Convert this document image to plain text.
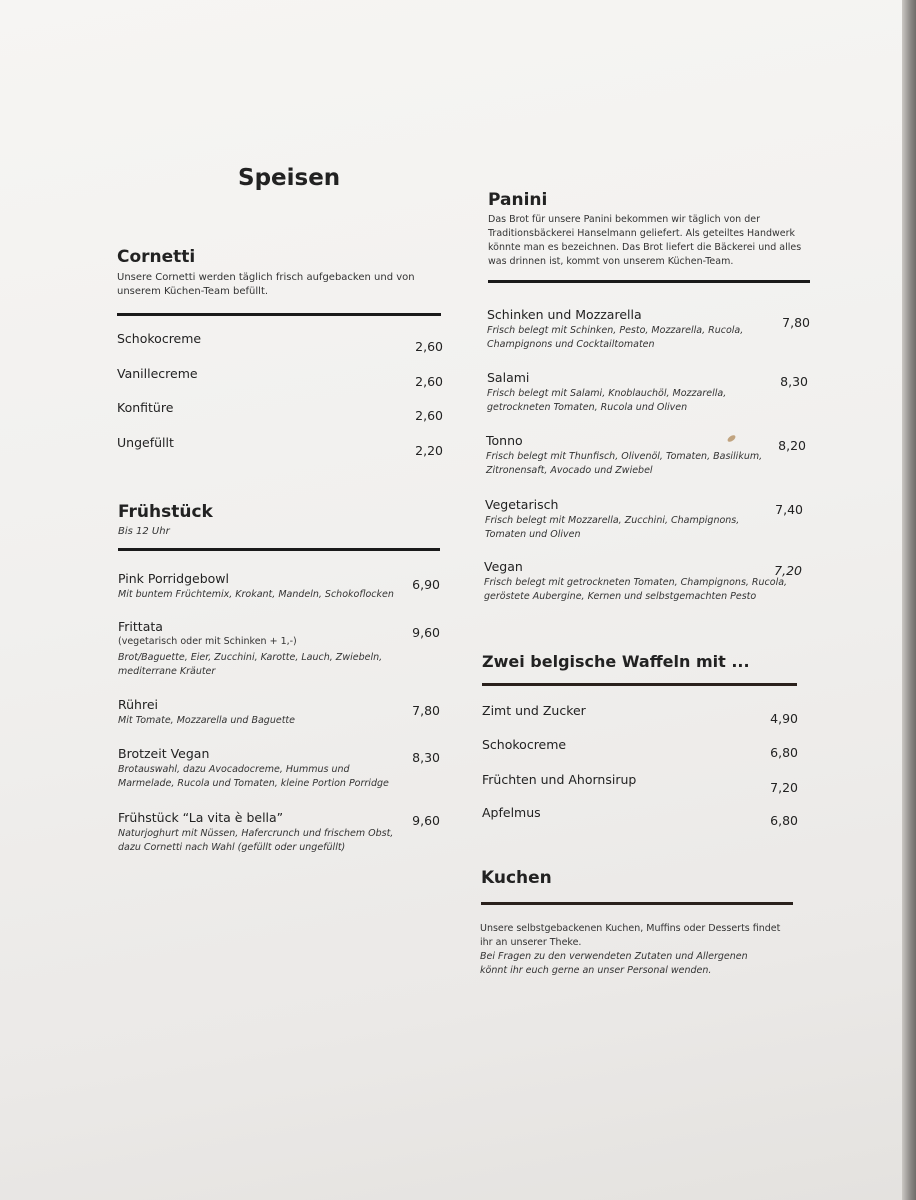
Speisen
Cornetti
Unsere Cornetti werden täglich frisch aufgebacken und von
unserem Küchen-Team befüllt.
Schokocreme
2,60
Vanillecreme
2,60
Konfitüre
2,60
Ungefüllt
2,20
Frühstück
Bis 12 Uhr
Pink Porridgebowl	6,90
Mit buntem Früchtemix, Krokant, Mandeln, Schokoflocken
Frittata	9,60
(vegetarisch oder mit Schinken + 1,-)
Brot/Baguette, Eier, Zucchini, Karotte, Lauch, Zwiebeln,
mediterrane Kräuter
Rührei	7,80
Mit Tomate, Mozzarella und Baguette
Brotzeit Vegan	8,30
Brotauswahl, dazu Avocadocreme, Hummus und
Marmelade, Rucola und Tomaten, kleine Portion Porridge
Frühstück “La vita è bella”	9,60
Naturjoghurt mit Nüssen, Hafercrunch und frischem Obst,
dazu Cornetti nach Wahl (gefüllt oder ungefüllt)
Panini
Das Brot für unsere Panini bekommen wir täglich von der
Traditionsbäckerei Hanselmann geliefert. Als geteiltes Handwerk
könnte man es bezeichnen. Das Brot liefert die Bäckerei und alles
was drinnen ist, kommt von unserem Küchen-Team.
Schinken und Mozzarella
7,80
Frisch belegt mit Schinken, Pesto, Mozzarella, Rucola,
Champignons und Cocktailtomaten
Salami	8,30
Frisch belegt mit Salami, Knoblauchöl, Mozzarella,
getrockneten Tomaten, Rucola und Oliven
Tonno	8,20
Frisch belegt mit Thunfisch, Olivenöl, Tomaten, Basilikum,
Zitronensaft, Avocado und Zwiebel
Vegetarisch	7,40
Frisch belegt mit Mozzarella, Zucchini, Champignons,
Tomaten und Oliven
Vegan	7,20
Frisch belegt mit getrockneten Tomaten, Champignons, Rucola,
geröstete Aubergine, Kernen und selbstgemachten Pesto
Zwei belgische Waffeln mit ...
Zimt und Zucker
4,90
Schokocreme
6,80
Früchten und Ahornsirup
7,20
Apfelmus
6,80
Kuchen
Unsere selbstgebackenen Kuchen, Muffins oder Desserts findet
ihr an unserer Theke.
Bei Fragen zu den verwendeten Zutaten und Allergenen
könnt ihr euch gerne an unser Personal wenden.
